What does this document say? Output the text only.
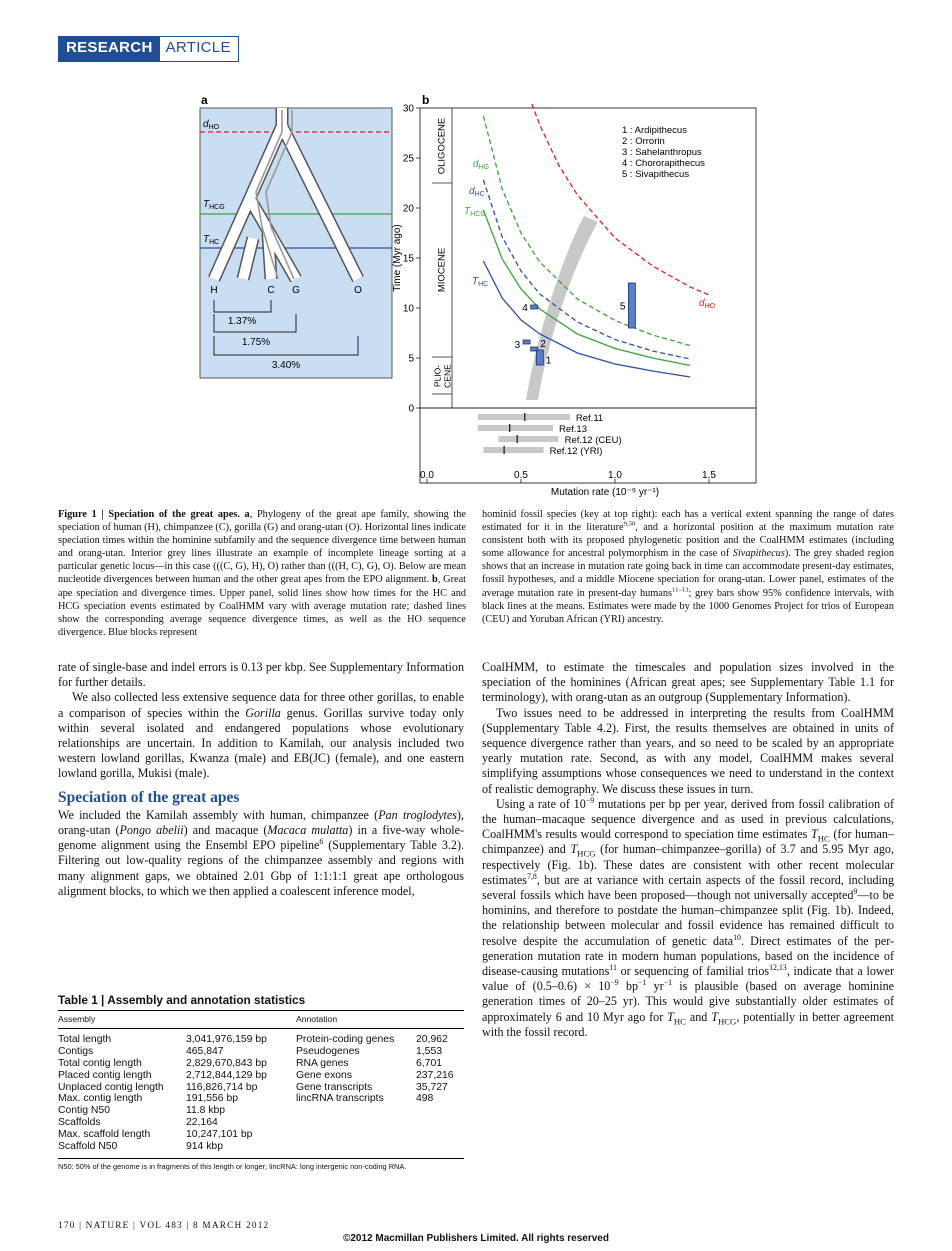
RESEARCH ARTICLE
a
$d_{HO}$
$T_{HCG}$
$T_{HC}$
H	C G	O
1.37%
1.75%
3.40%
b
OLIGOCENE
MIOCENE
PLIO- CENE
Time (Myr ago)
Mutation rate (10⁻⁹ yr⁻¹)
1
2
3
4	5
Ref.11
Ref.13
Ref.12 (CEU)
Ref.12 (YRI)
0
5
10
15
20
25
30
0.0	0.5	1.0	1.5
1 : Ardipithecus
2 : Orrorin
3 : Sahelanthropus
4 : Chororapithecus
5 : Sivapithecus
$d_{HG}$
$d_{HC}$
$T_{HCG}$
$T_{HC}$
$d_{HO}$
Figure 1 | Speciation of the great apes. a, Phylogeny of the great ape family, showing the speciation of human (H), chimpanzee (C), gorilla (G) and orang-utan (O). Horizontal lines indicate speciation times within the hominine subfamily and the sequence divergence time between human and orang-utan. Interior grey lines illustrate an example of incomplete lineage sorting at a particular genetic locus—in this case (((C, G), H), O) rather than (((H, C), G), O). Below are mean nucleotide divergences between human and the other great apes from the EPO alignment. b, Great ape speciation and divergence times. Upper panel, solid lines show how times for the HC and HCG speciation events estimated by CoalHMM vary with average mutation rate; dashed lines show the corresponding average sequence divergence times, as well as the HO sequence divergence. Blue blocks represent
hominid fossil species (key at top right): each has a vertical extent spanning the range of dates estimated for it in the literature$^{9,50}$, and a horizontal position at the maximum mutation rate consistent both with its proposed phylogenetic position and the CoalHMM estimates (including some allowance for ancestral polymorphism in the case of Sivapithecus). The grey shaded region shows that an increase in mutation rate going back in time can accommodate present-day estimates, fossil hypotheses, and a middle Miocene speciation for orang-utan. Lower panel, estimates of the average mutation rate in present-day humans$^{11-13}$; grey bars show 95% confidence intervals, with black lines at the means. Estimates were made by the 1000 Genomes Project for trios of European (CEU) and Yoruban African (YRI) ancestry.

rate of single-base and indel errors is 0.13 per kbp. See Supplementary Information for further details.

We also collected less extensive sequence data for three other gorillas, to enable a comparison of species within the Gorilla genus. Gorillas survive today only within several isolated and endangered populations whose evolutionary relationships are uncertain. In addition to Kamilah, our analysis included two western lowland gorillas, Kwanza (male) and EB(JC) (female), and one eastern lowland gorilla, Mukisi (male).

Speciation of the great apes

We included the Kamilah assembly with human, chimpanzee (Pan troglodytes), orang-utan (Pongo abelii) and macaque (Macaca mulatta) in a five-way whole-genome alignment using the Ensembl EPO pipeline$^6$ (Supplementary Table 3.2). Filtering out low-quality regions of the chimpanzee assembly and regions with many alignment gaps, we obtained 2.01 Gbp of 1:1:1:1 great ape orthologous alignment blocks, to which we then applied a coalescent inference model,

Table 1 | Assembly and annotation statistics
Assembly		Annotation	
Total length	3,041,976,159 bp	Protein-coding genes	20,962
Contigs	465,847	Pseudogenes	1,553
Total contig length	2,829,670,843 bp	RNA genes	6,701
Placed contig length	2,712,844,129 bp	Gene exons	237,216
Unplaced contig length	116,826,714 bp	Gene transcripts	35,727
Max. contig length	191,556 bp	lincRNA transcripts	498
Contig N50	11.8 kbp		
Scaffolds	22,164		
Max. scaffold length	10,247,101 bp		
Scaffold N50	914 kbp		
N50: 50% of the genome is in fragments of this length or longer; lincRNA: long intergenic non-coding RNA.

CoalHMM, to estimate the timescales and population sizes involved in the speciation of the hominines (African great apes; see Supplementary Table 1.1 for terminology), with orang-utan as an outgroup (Supplementary Information).

Two issues need to be addressed in interpreting the results from CoalHMM (Supplementary Table 4.2). First, the results themselves are obtained in units of sequence divergence rather than years, and so need to be scaled by an appropriate yearly mutation rate. Second, as with any model, CoalHMM makes several simplifying assumptions whose consequences we need to understand in the context of realistic demography. We discuss these issues in turn.

Using a rate of $10^{-9}$ mutations per bp per year, derived from fossil calibration of the human–macaque sequence divergence and as used in previous calculations, CoalHMM's results would correspond to speciation time estimates $T_{HC}$ (for human–chimpanzee) and $T_{HCG}$ (for human–chimpanzee–gorilla) of 3.7 and 5.95 Myr ago, respectively (Fig. 1b). These dates are consistent with other recent molecular estimates$^{7,8}$, but are at variance with certain aspects of the fossil record, including several fossils which have been proposed—though not universally accepted$^9$—to be hominins, and therefore to postdate the human–chimpanzee split (Fig. 1b). Indeed, the relationship between molecular and fossil evidence has remained difficult to resolve despite the accumulation of genetic data$^{10}$. Direct estimates of the per-generation mutation rate in modern human populations, based on the incidence of disease-causing mutations$^{11}$ or sequencing of familial trios$^{12,13}$, indicate that a lower value of $(0.5-0.6) \times 10^{-9}$ $bp^{-1}$ $yr^{-1}$ is plausible (based on average hominine generation times of 20–25 yr). This would give substantially older estimates of approximately 6 and 10 Myr ago for $T_{HC}$ and $T_{HCG}$, potentially in better agreement with the fossil record.

170 | NATURE | VOL 483 | 8 MARCH 2012
©2012 Macmillan Publishers Limited. All rights reserved
